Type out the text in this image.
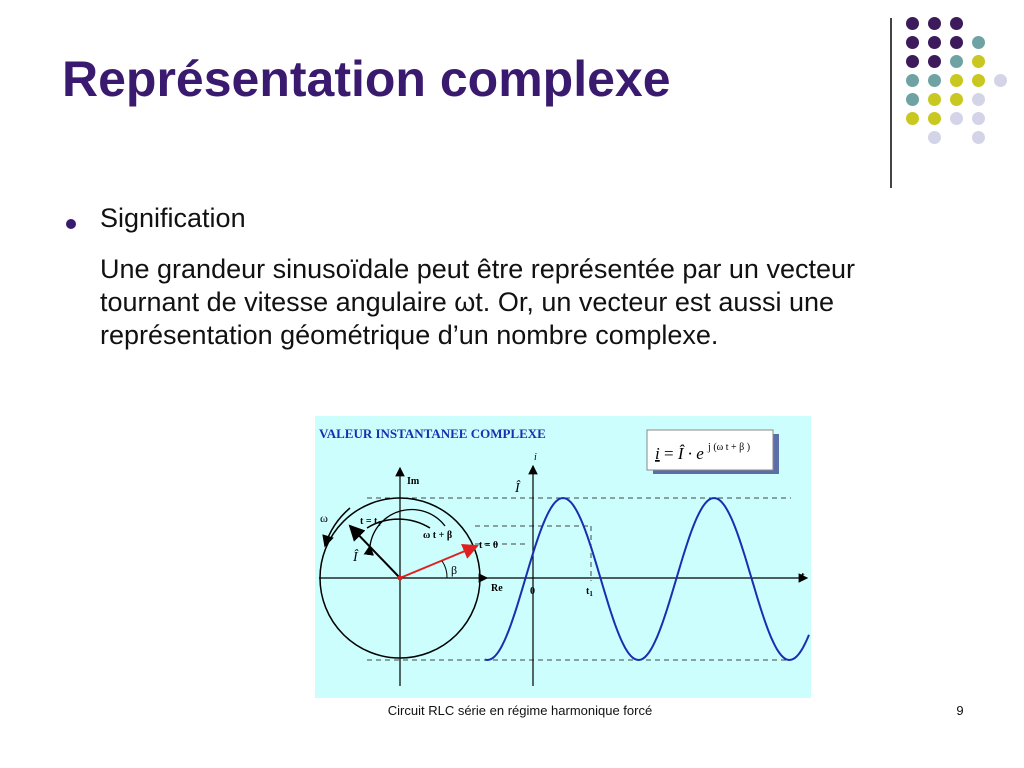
Représentation complexe
Signification

Une grandeur sinusoïdale peut être représentée par un vecteur tournant de vitesse angulaire ωt. Or, un vecteur est aussi une représentation géométrique d’un nombre complexe.

VALEUR INSTANTANEE COMPLEXE
i = Î · e $^{j (\omega t + \beta )}$
Im
Re
ω	$t = t_1$
Î
ω t + β
t = 0
β
i
Î
t
0	$t_1$
Circuit RLC série en régime harmonique forcé	9
